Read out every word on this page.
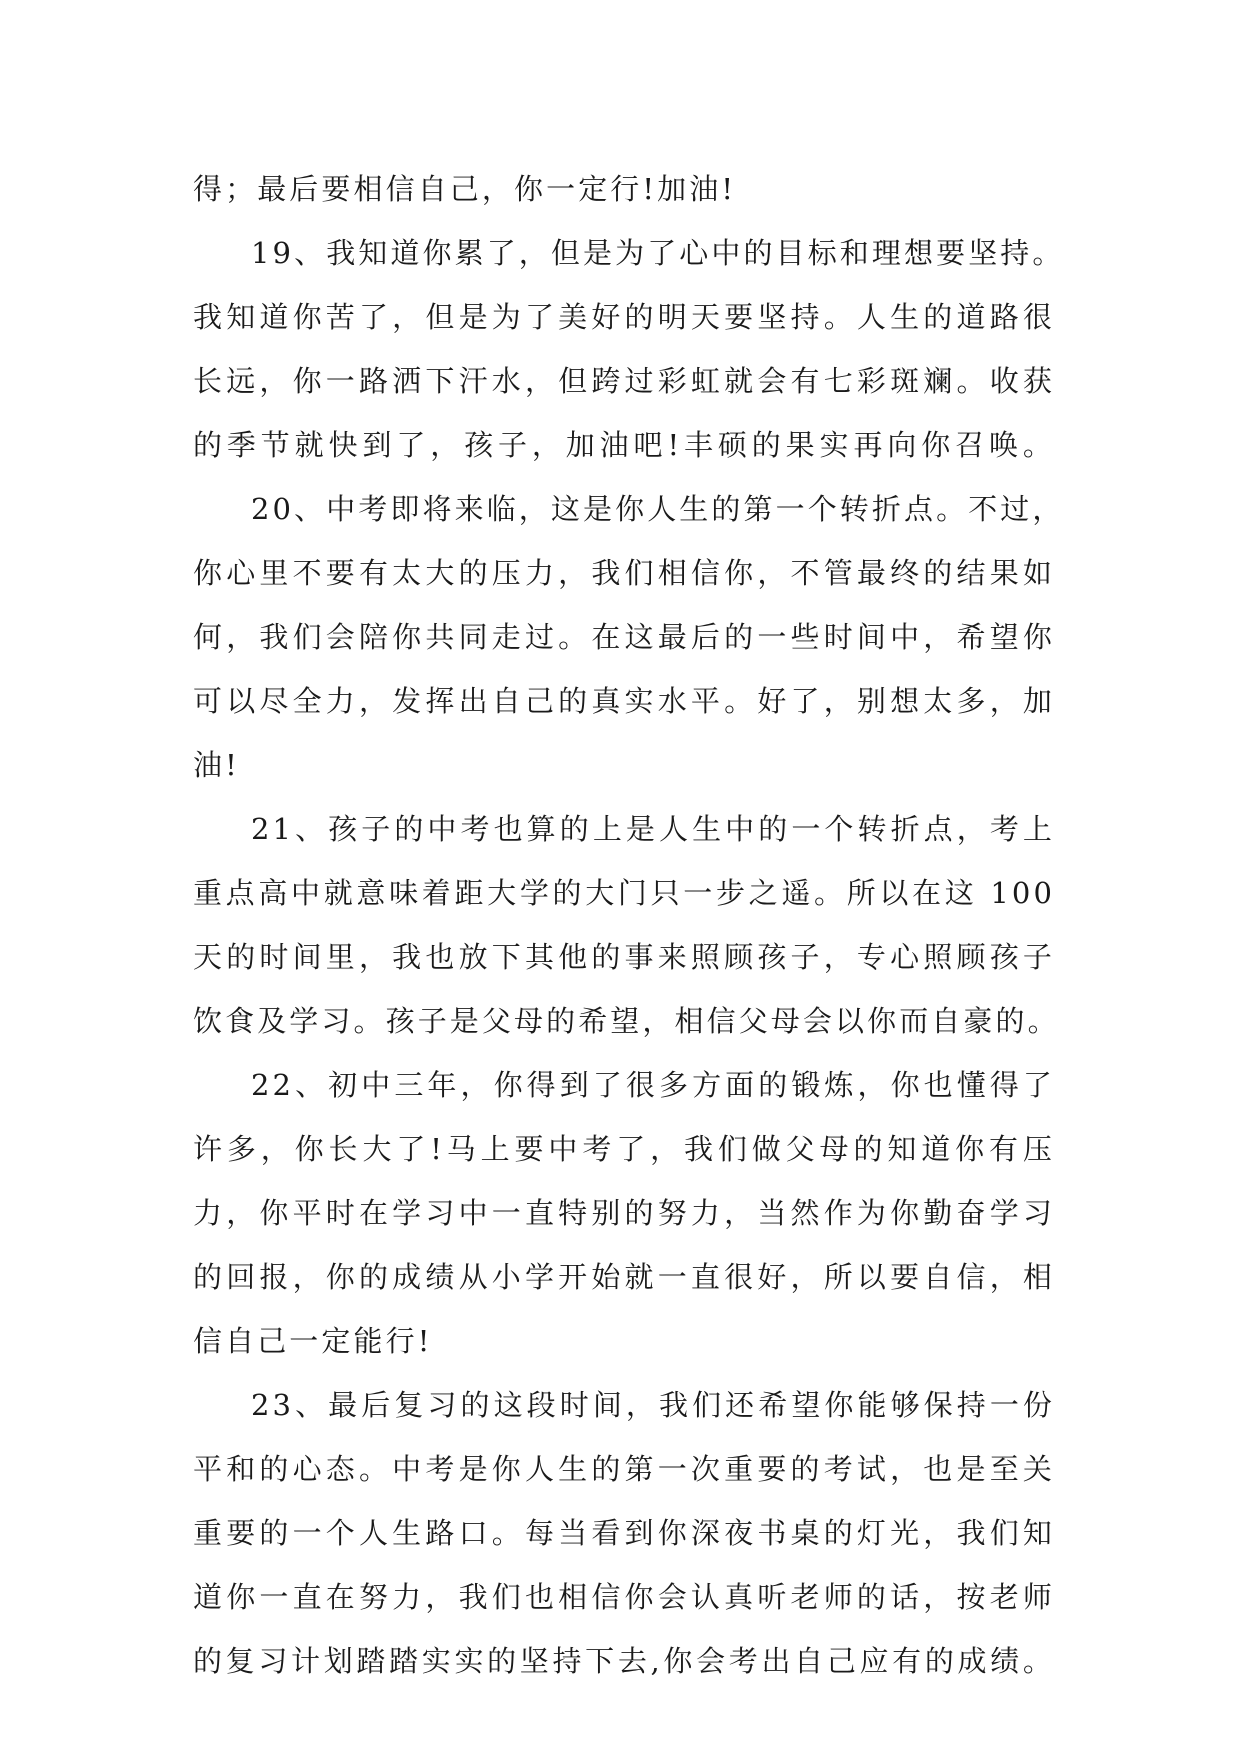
得；最后要相信自己，你一定行!加油!
19、我知道你累了，但是为了心中的目标和理想要坚持。
我知道你苦了，但是为了美好的明天要坚持。人生的道路很
长远，你一路洒下汗水，但跨过彩虹就会有七彩斑斓。收获
的季节就快到了，孩子，加油吧!丰硕的果实再向你召唤。
20、中考即将来临，这是你人生的第一个转折点。不过，
你心里不要有太大的压力，我们相信你，不管最终的结果如
何，我们会陪你共同走过。在这最后的一些时间中，希望你
可以尽全力，发挥出自己的真实水平。好了，别想太多，加
油!
21、孩子的中考也算的上是人生中的一个转折点，考上
重点高中就意味着距大学的大门只一步之遥。所以在这 100
天的时间里，我也放下其他的事来照顾孩子，专心照顾孩子
饮食及学习。孩子是父母的希望，相信父母会以你而自豪的。
22、初中三年，你得到了很多方面的锻炼，你也懂得了
许多，你长大了!马上要中考了，我们做父母的知道你有压
力，你平时在学习中一直特别的努力，当然作为你勤奋学习
的回报，你的成绩从小学开始就一直很好，所以要自信，相
信自己一定能行!
23、最后复习的这段时间，我们还希望你能够保持一份
平和的心态。中考是你人生的第一次重要的考试，也是至关
重要的一个人生路口。每当看到你深夜书桌的灯光，我们知
道你一直在努力，我们也相信你会认真听老师的话，按老师
的复习计划踏踏实实的坚持下去,你会考出自己应有的成绩。
